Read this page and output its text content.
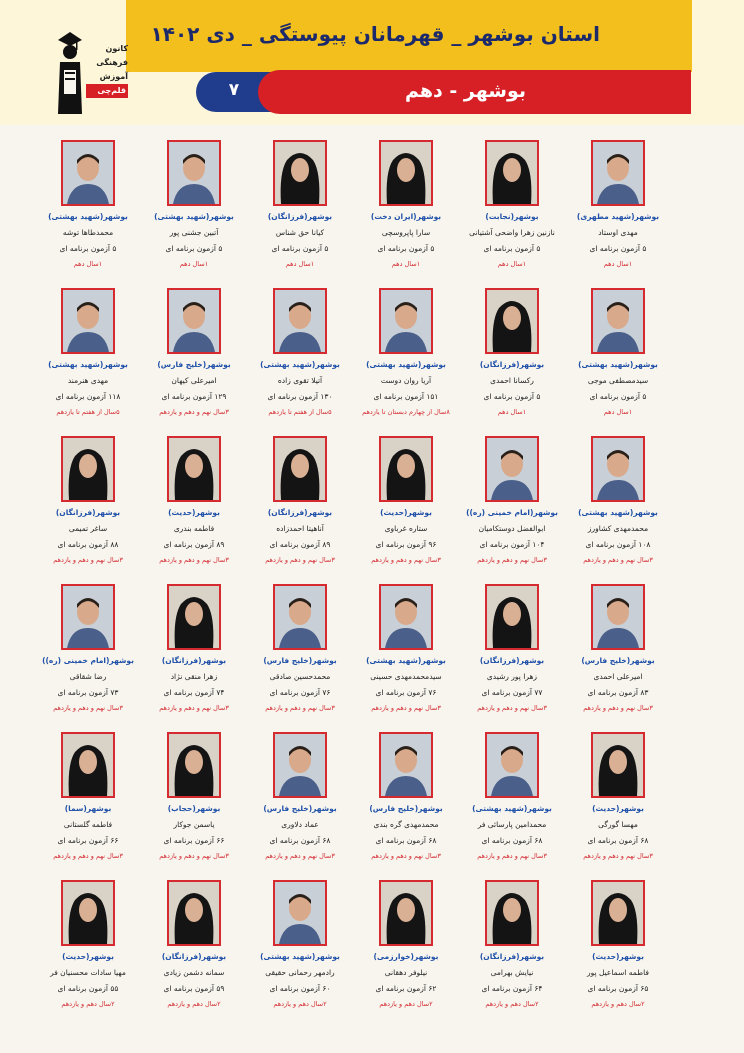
استان بوشهر _ قهرمانان پیوستگی _ دی ۱۴۰۲
۷	بوشهر - دهم
کانون
فرهنگی
آموزش
قلم‌چی
بوشهر(شهید مطهری)
مهدی اوستاد
۵ آزمون برنامه ای
۱سال دهم
بوشهر(نجابت)
نازنین زهرا واضحی آشتیانی
۵ آزمون برنامه ای
۱سال دهم
بوشهر(ایران دخت)
سارا پاپروسچی
۵ آزمون برنامه ای
۱سال دهم
بوشهر(فرزانگان)
کیانا حق شناس
۵ آزمون برنامه ای
۱سال دهم
بوشهر(شهید بهشتی)
آتبین جشنی پور
۵ آزمون برنامه ای
۱سال دهم
بوشهر(شهید بهشتی)
محمدطاها توشه
۵ آزمون برنامه ای
۱سال دهم
بوشهر(شهید بهشتی)
سیدمصطفی موجی
۵ آزمون برنامه ای
۱سال دهم
بوشهر(فرزانگان)
رکسانا احمدی
۵ آزمون برنامه ای
۱سال دهم
بوشهر(شهید بهشتی)
آریا روان دوست
۱۵۱ آزمون برنامه ای
۸سال از چهارم دبستان تا یازدهم
بوشهر(شهید بهشتی)
آتیلا تقوی زاده
۱۳۰ آزمون برنامه ای
۵سال از هفتم تا یازدهم
بوشهر(خلیج فارس)
امیرعلی کیهان
۱۲۹ آزمون برنامه ای
۳سال نهم و دهم و یازدهم
بوشهر(شهید بهشتی)
مهدی هنرمند
۱۱۸ آزمون برنامه ای
۵سال از هفتم تا یازدهم
بوشهر(شهید بهشتی)
محمدمهدی کشاورز
۱۰۸ آزمون برنامه ای
۳سال نهم و دهم و یازدهم
بوشهر(امام خمینی (ره))
ابوالفضل دوستکامیان
۱۰۴ آزمون برنامه ای
۳سال نهم و دهم و یازدهم
بوشهر(حدیث)
ستاره غرباوی
۹۶ آزمون برنامه ای
۳سال نهم و دهم و یازدهم
بوشهر(فرزانگان)
آناهیتا احمدزاده
۸۹ آزمون برنامه ای
۳سال نهم و دهم و یازدهم
بوشهر(حدیث)
فاطمه بندری
۸۹ آزمون برنامه ای
۳سال نهم و دهم و یازدهم
بوشهر(فرزانگان)
ساغر تمیمی
۸۸ آزمون برنامه ای
۳سال نهم و دهم و یازدهم
بوشهر(خلیج فارس)
امیرعلی احمدی
۸۳ آزمون برنامه ای
۳سال نهم و دهم و یازدهم
بوشهر(فرزانگان)
زهرا پور رشیدی
۷۷ آزمون برنامه ای
۳سال نهم و دهم و یازدهم
بوشهر(شهید بهشتی)
سیدمحمدمهدی حسینی
۷۶ آزمون برنامه ای
۳سال نهم و دهم و یازدهم
بوشهر(خلیج فارس)
محمدحسین صادقی
۷۶ آزمون برنامه ای
۳سال نهم و دهم و یازدهم
بوشهر(فرزانگان)
زهرا منقی نژاد
۷۴ آزمون برنامه ای
۳سال نهم و دهم و یازدهم
بوشهر(امام خمینی (ره))
رضا شقاقی
۷۳ آزمون برنامه ای
۳سال نهم و دهم و یازدهم
بوشهر(حدیث)
مهسا گورگی
۶۸ آزمون برنامه ای
۳سال نهم و دهم و یازدهم
بوشهر(شهید بهشتی)
محمدامین پارسائی فر
۶۸ آزمون برنامه ای
۳سال نهم و دهم و یازدهم
بوشهر(خلیج فارس)
محمدمهدی گره بندی
۶۸ آزمون برنامه ای
۳سال نهم و دهم و یازدهم
بوشهر(خلیج فارس)
عماد دلاوری
۶۸ آزمون برنامه ای
۳سال نهم و دهم و یازدهم
بوشهر(حجاب)
یاسمن جوکار
۶۶ آزمون برنامه ای
۳سال نهم و دهم و یازدهم
بوشهر(سما)
فاطمه گلستانی
۶۶ آزمون برنامه ای
۳سال نهم و دهم و یازدهم
بوشهر(حدیث)
فاطمه اسماعیل پور
۶۵ آزمون برنامه ای
۲سال دهم و یازدهم
بوشهر(فرزانگان)
نیایش بهرامی
۶۴ آزمون برنامه ای
۲سال دهم و یازدهم
بوشهر(خوارزمی)
نیلوفر دهقانی
۶۲ آزمون برنامه ای
۲سال دهم و یازدهم
بوشهر(شهید بهشتی)
رادمهر رحمانی حقیقی
۶۰ آزمون برنامه ای
۲سال دهم و یازدهم
بوشهر(فرزانگان)
سمانه دشمن زیادی
۵۹ آزمون برنامه ای
۲سال دهم و یازدهم
بوشهر(حدیث)
مهیا سادات محسنیان فر
۵۵ آزمون برنامه ای
۲سال دهم و یازدهم
